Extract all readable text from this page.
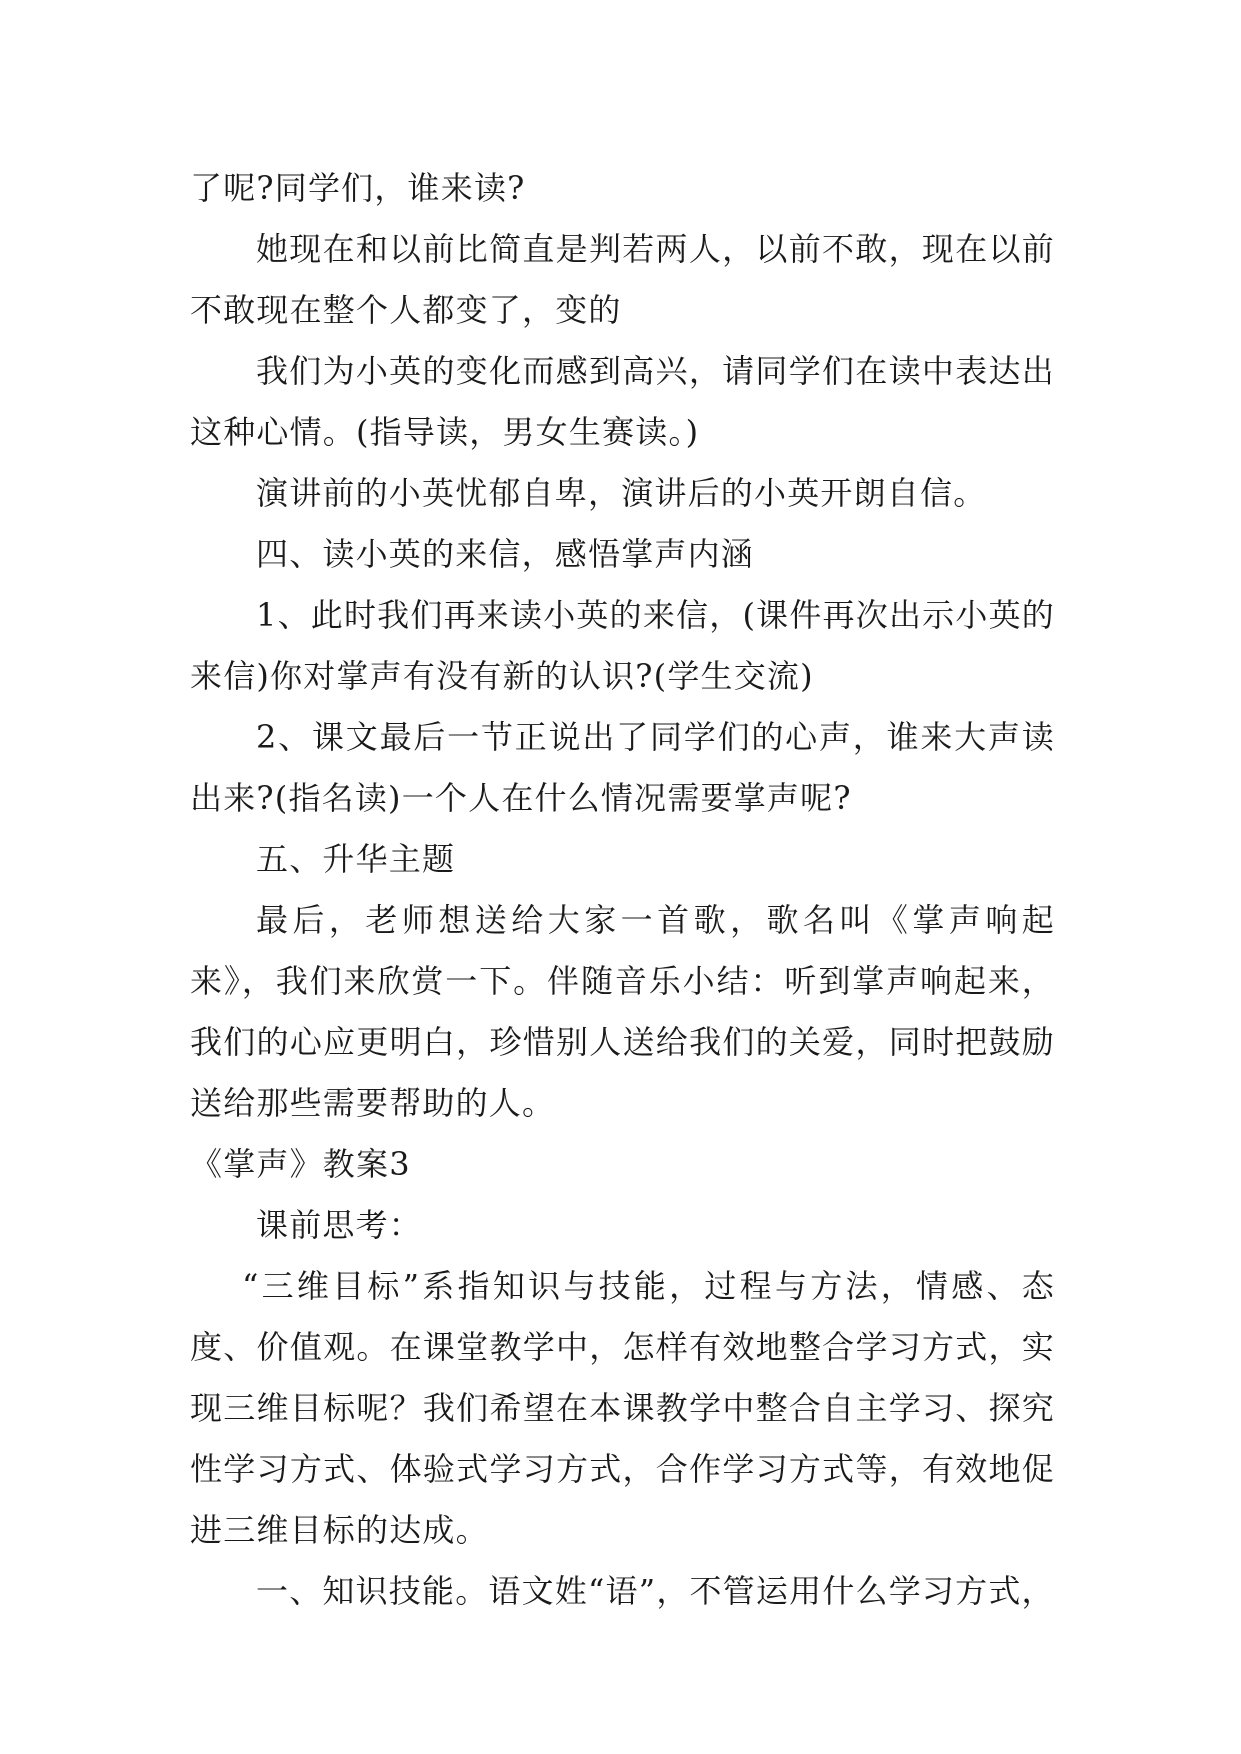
了呢?同学们，谁来读?

她现在和以前比简直是判若两人，以前不敢，现在以前不敢现在整个人都变了，变的

我们为小英的变化而感到高兴，请同学们在读中表达出这种心情。(指导读，男女生赛读。)

演讲前的小英忧郁自卑，演讲后的小英开朗自信。

四、读小英的来信，感悟掌声内涵

1、此时我们再来读小英的来信，(课件再次出示小英的来信)你对掌声有没有新的认识?(学生交流)

2、课文最后一节正说出了同学们的心声，谁来大声读出来?(指名读)一个人在什么情况需要掌声呢?

五、升华主题

最后，老师想送给大家一首歌，歌名叫《掌声响起来》，我们来欣赏一下。伴随音乐小结：听到掌声响起来，我们的心应更明白，珍惜别人送给我们的关爱，同时把鼓励送给那些需要帮助的人。

《掌声》教案3

课前思考：

“三维目标”系指知识与技能，过程与方法，情感、态度、价值观。在课堂教学中，怎样有效地整合学习方式，实现三维目标呢？我们希望在本课教学中整合自主学习、探究性学习方式、体验式学习方式，合作学习方式等，有效地促进三维目标的达成。

一、知识技能。语文姓“语”，不管运用什么学习方式，
